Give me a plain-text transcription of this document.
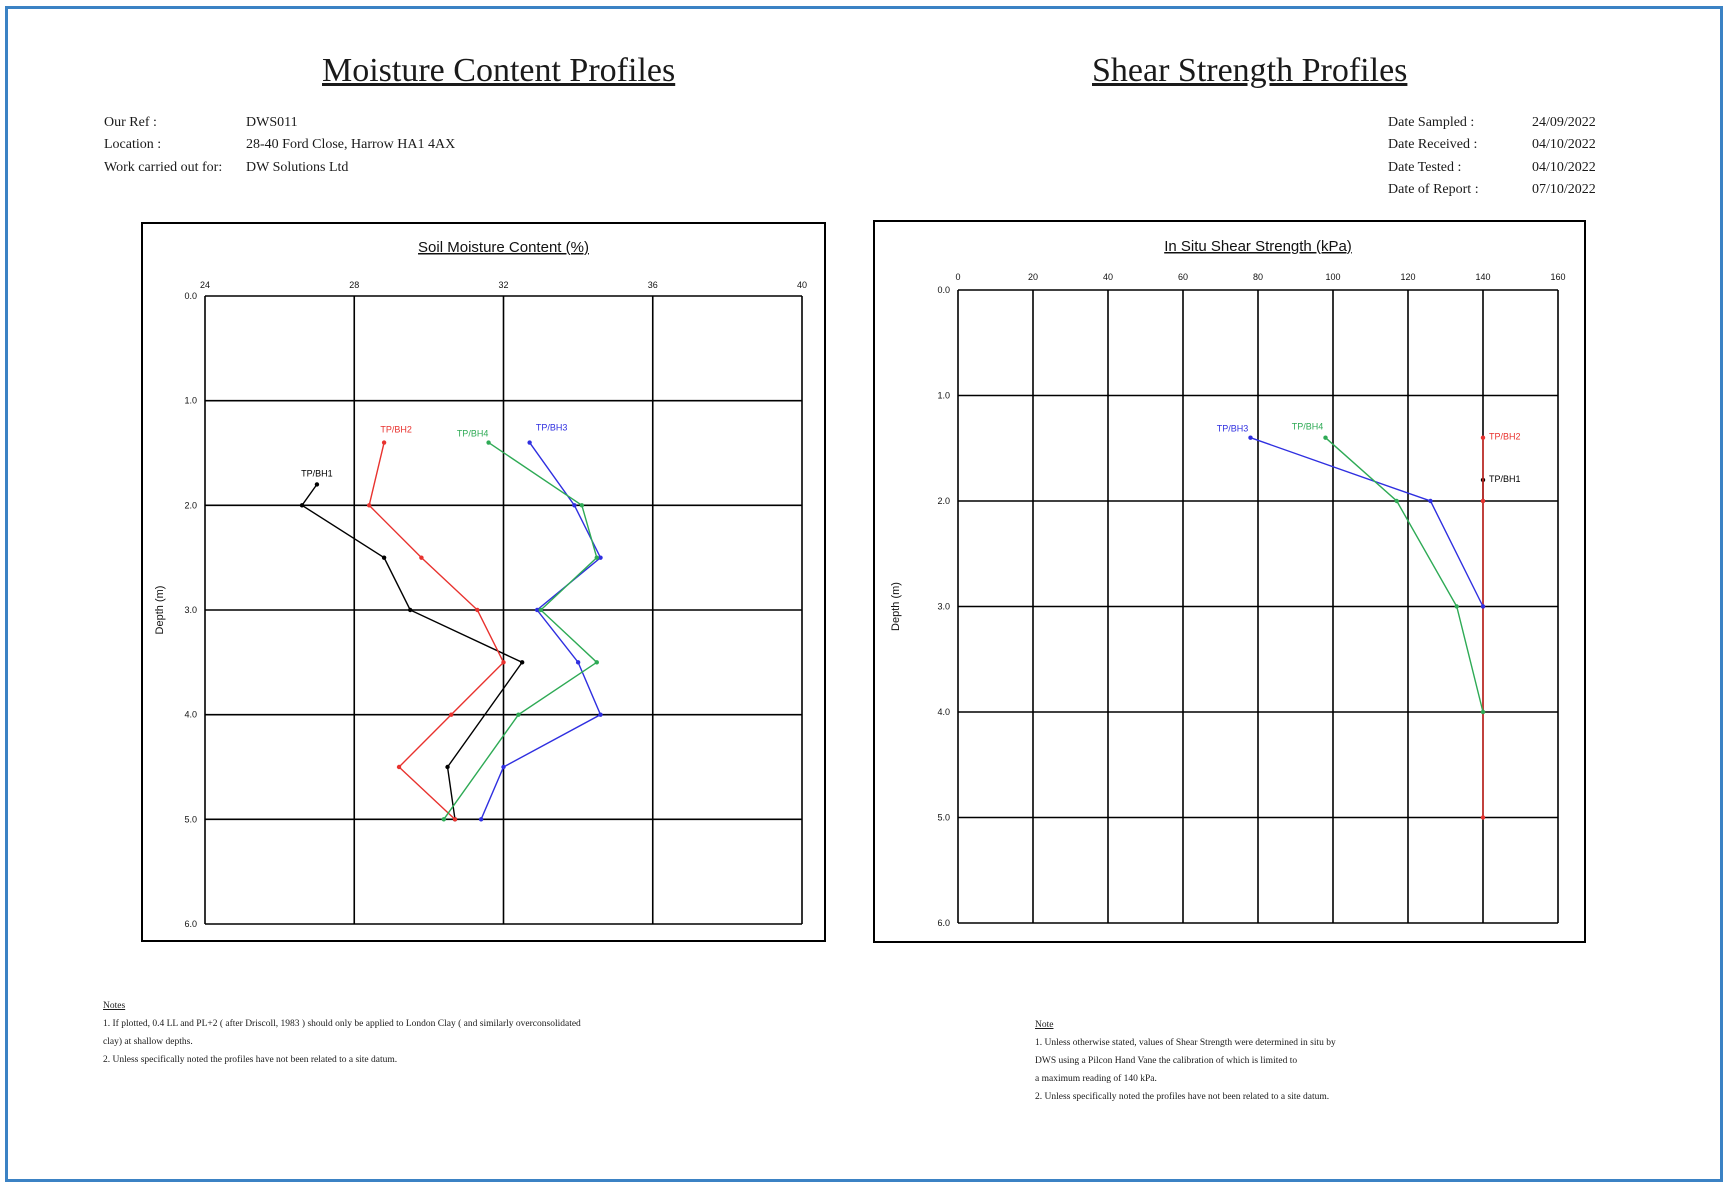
Moisture Content Profiles	Shear Strength Profiles
Our Ref :	DWS011
Location :	28-40 Ford Close, Harrow HA1 4AX
Work carried out for: DW Solutions Ltd
Date Sampled :	24/09/2022
Date Received :	04/10/2022
Date Tested :	04/10/2022
Date of Report :	07/10/2022
Soil Moisture Content (%)
24	28	32	36	40
0.0
1.0
2.0
3.0
4.0
5.0
6.0
Depth (m)
TP/BH1
TP/BH2	TP/BH3
TP/BH4
In Situ Shear Strength (kPa)
0	20	40	60	80	100	120	140	160
0.0
1.0
2.0
3.0
4.0
5.0
6.0
Depth (m)
TP/BH3	TP/BH4
TP/BH2
TP/BH1
Notes
1. If plotted, 0.4 LL and PL+2 ( after Driscoll, 1983 ) should only be applied to London Clay ( and similarly overconsolidated
clay) at shallow depths.
2. Unless specifically noted the profiles have not been related to a site datum.
Note
1. Unless otherwise stated, values of Shear Strength were determined in situ by
DWS using a Pilcon Hand Vane the calibration of which is limited to
a maximum reading of 140 kPa.
2. Unless specifically noted the profiles have not been related to a site datum.
